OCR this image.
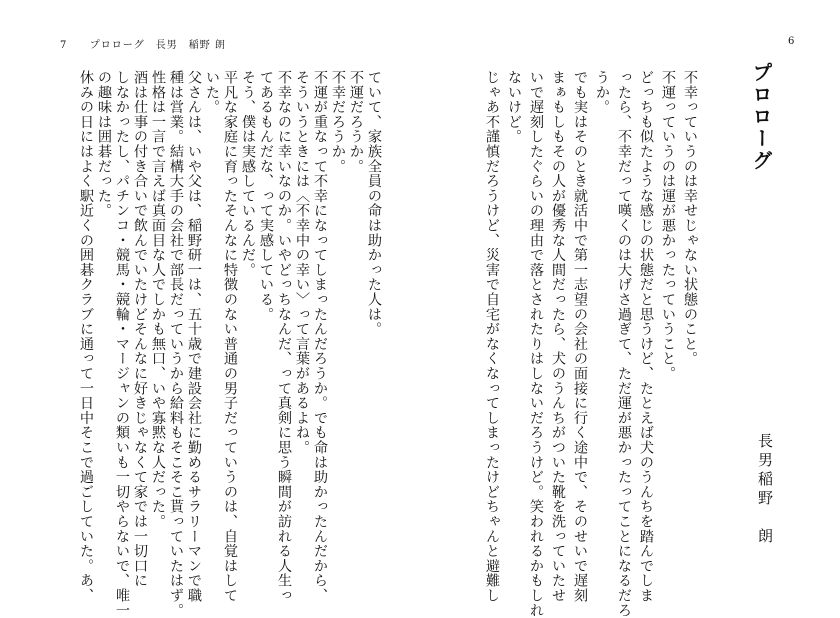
7 プロローグ　長男　稲野 朗	6
プロローグ
長男稲野　朗
不幸っていうのは幸せじゃない状態のこと。
不運っていうのは運が悪かったっていうこと。
どっちも似たような感じの状態だと思うけど、たとえば犬のうんちを踏んでしま
ったら、不幸だって嘆くのは大げさ過ぎて、ただ運が悪かったってことになるだろ
うか。
でも実はそのとき就活中で第一志望の会社の面接に行く途中で、そのせいで遅刻
まぁもしもその人が優秀な人間だったら、犬のうんちがついた靴を洗っていたせ
いで遅刻したぐらいの理由で落とされたりはしないだろうけど。笑われるかもしれ
ないけど。
じゃあ不謹慎だろうけど、災害で自宅がなくなってしまったけどちゃんと避難し
ていて、家族全員の命は助かった人は。
不運だろうか。
不幸だろうか。
不運が重なって不幸になってしまったんだろうか。でも命は助かったんだから、
そういうときには〈不幸中の幸い〉って言葉があるよね。
不幸なのに幸いなのか。いやどっちなんだ、って真剣に思う瞬間が訪れる人生っ
てあるもんだな、って実感している。
そう、僕は実感しているんだ。
平凡な家庭に育ったそんなに特徴のない普通の男子だっていうのは、自覚はして
いた。
父さんは、いや父は、稲野研一は、五十歳で建設会社に勤めるサラリーマンで職
種は営業。結構大手の会社で部長だっていうから給料もそこそこ貰っていたはず。
性格は一言で言えば真面目な人でしかも無口、いや寡黙な人だった。
酒は仕事の付き合いで飲んでいたけどそんなに好きじゃなくて家では一切口に
しなかったし、パチンコ・競馬・競輪・マージャンの類いも一切やらないで、唯一
の趣味は囲碁だった。
休みの日にはよく駅近くの囲碁クラブに通って一日中そこで過ごしていた。あ、
